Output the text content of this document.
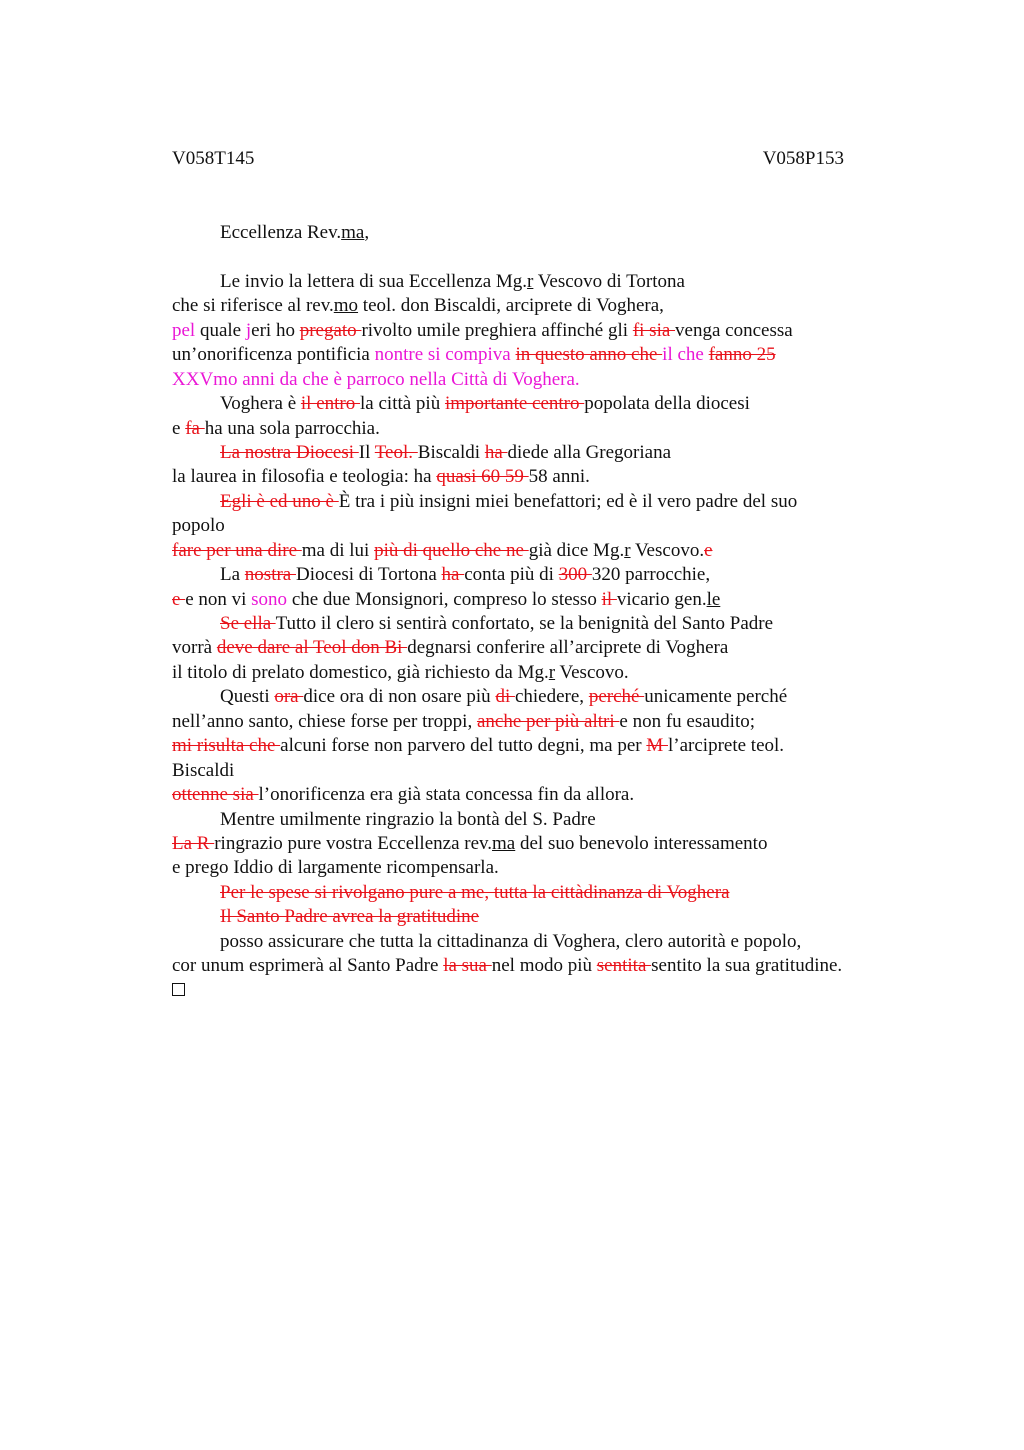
V058T145	V058P153
Eccellenza Rev.ma,
Le invio la lettera di sua Eccellenza Mg.r Vescovo di Tortona
che si riferisce al rev.mo teol. don Biscaldi, arciprete di Voghera,
pel quale jeri ho pregato rivolto umile preghiera affinché gli fi sia venga concessa
un’onorificenza pontificia nontre si compiva in questo anno che il che fanno 25
XXVmo anni da che è parroco nella Città di Voghera.
Voghera è il entro la città più importante centro popolata della diocesi
e fa ha una sola parrocchia.
La nostra Diocesi Il Teol. Biscaldi ha diede alla Gregoriana
la laurea in filosofia e teologia: ha quasi 60 59 58 anni.
Egli è ed uno è È tra i più insigni miei benefattori; ed è il vero padre del suo
popolo
fare per una dire ma di lui più di quello che ne già dice Mg.r Vescovo.e
La nostra Diocesi di Tortona ha conta più di 300 320 parrocchie,
e e non vi sono che due Monsignori, compreso lo stesso il vicario gen.le
Se ella Tutto il clero si sentirà confortato, se la benignità del Santo Padre
vorrà deve dare al Teol don Bi degnarsi conferire all’arciprete di Voghera
il titolo di prelato domestico, già richiesto da Mg.r Vescovo.
Questi ora dice ora di non osare più di chiedere, perché unicamente perché
nell’anno santo, chiese forse per troppi, anche per più altri e non fu esaudito;
mi risulta che alcuni forse non parvero del tutto degni, ma per M l’arciprete teol.
Biscaldi
ottenne sia l’onorificenza era già stata concessa fin da allora.
Mentre umilmente ringrazio la bontà del S. Padre
La R ringrazio pure vostra Eccellenza rev.ma del suo benevolo interessamento
e prego Iddio di largamente ricompensarla.
Per le spese si rivolgano pure a me, tutta la cittàdinanza di Voghera
Il Santo Padre avrea la gratitudine
posso assicurare che tutta la cittadinanza di Voghera, clero autorità e popolo,
cor unum esprimerà al Santo Padre la sua nel modo più sentita sentito la sua gratitudine.
